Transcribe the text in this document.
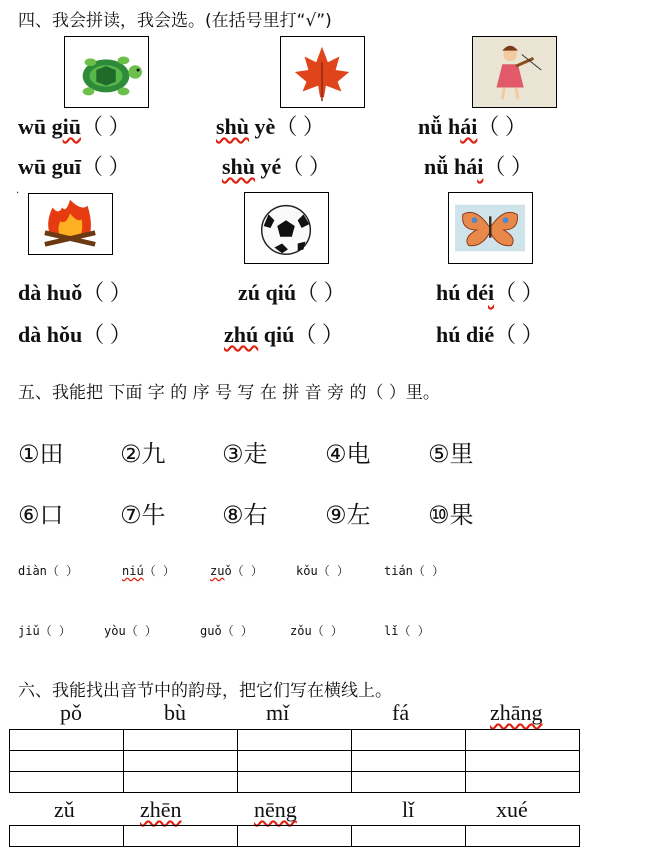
四、我会拼读，我会选。(在括号里打“√”)
wū giū（ ）	shù yè（ ）	nǚ hái（ ）
wū guī（ ）	shù yé（ ）	nǚ hái（ ）
·
dà huǒ（ ）	zú qiú（ ）	hú déi（ ）
dà hǒu（ ）	zhú qiú（ ）	hú dié（ ）
五、我能把 下面 字 的 序 号 写 在 拼 音 旁 的（ ）里。
①田 ②九 ③走 ④电 ⑤里
⑥口 ⑦牛 ⑧右 ⑨左 ⑩果
diàn（ ）	niú（ ）	zuǒ（ ）	kǒu（ ）	tián（ ）
jiǔ（ ）	yòu（ ）	guǒ（ ）	zǒu（ ）	lǐ（ ）
六、我能找出音节中的韵母，把它们写在横线上。
pǒ	bù	mǐ	fá	zhāng

zǔ	zhēn	nēng	lǐ	xué
